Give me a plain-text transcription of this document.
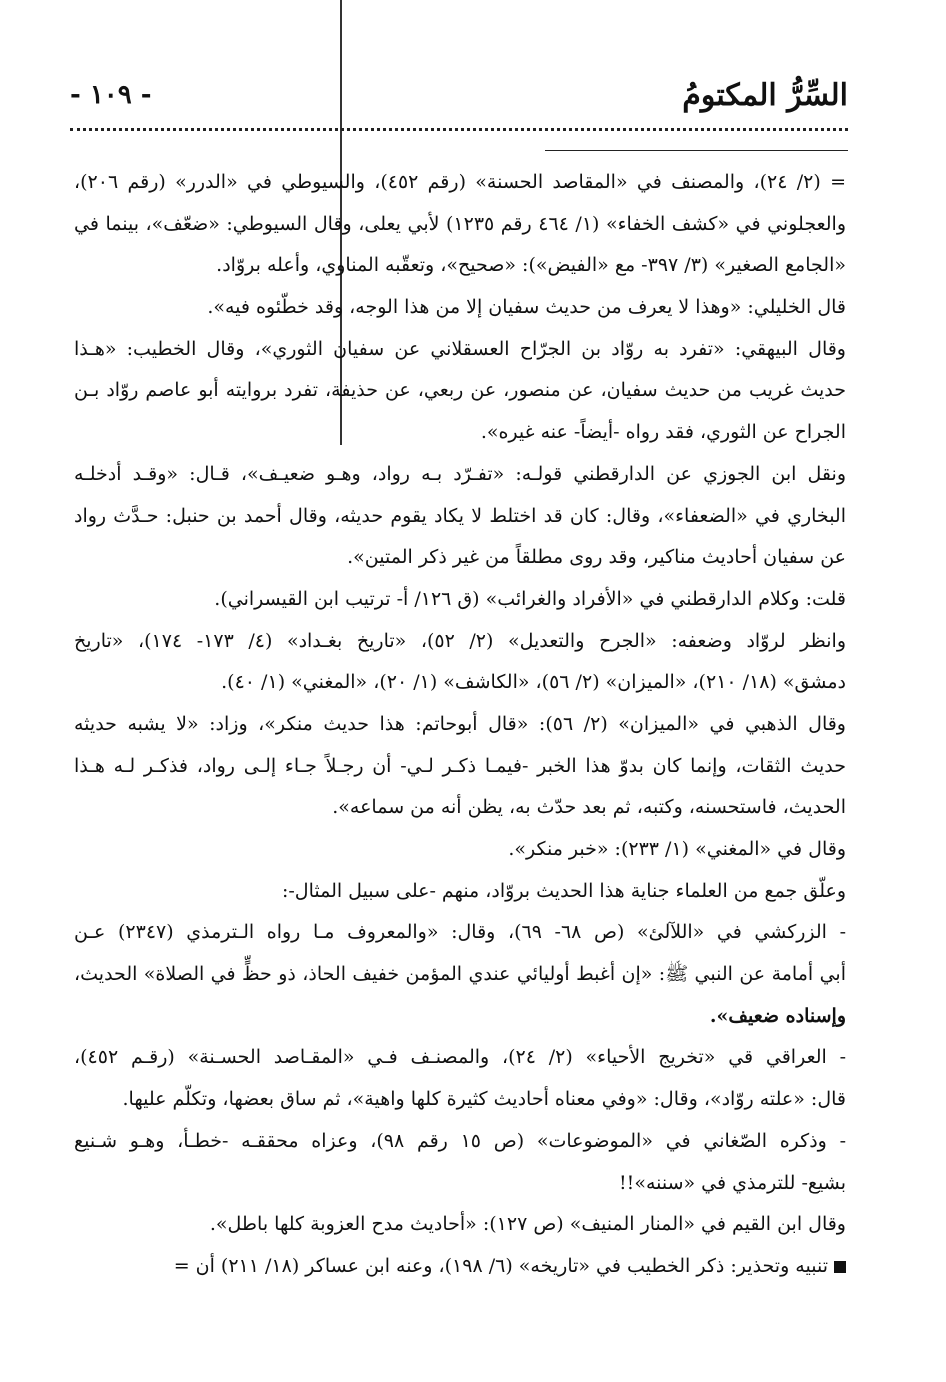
السِّرُّ المكتومُ
- ١٠٩ -
= (٢/ ٢٤)، والمصنف في «المقاصد الحسنة» (رقم ٤٥٢)، والسيوطي في «الدرر» (رقم ٢٠٦)،
والعجلوني في «كشف الخفاء» (١/ ٤٦٤ رقم ١٢٣٥) لأبي يعلى، وقال السيوطي: «ضعّف»، بينما في
«الجامع الصغير» (٣/ ٣٩٧- مع «الفيض»): «صحيح»، وتعقّبه المناوي، وأعله بروّاد.
قال الخليلي: «وهذا لا يعرف من حديث سفيان إلا من هذا الوجه، وقد خطّئوه فيه».
وقال البيهقي: «تفرد به روّاد بن الجرّاح العسقلاني عن سفيان الثوري»، وقال الخطيب: «هـذا
حديث غريب من حديث سفيان، عن منصور، عن ربعي، عن حذيفة، تفرد بروايته أبو عاصم روّاد بـن
الجراح عن الثوري، فقد رواه -أيضاً- عنه غيره».
ونقل ابن الجوزي عن الدارقطني قولـه: «تفـرّد بـه رواد، وهـو ضعيـف»، قـال: «وقـد أدخلـه
البخاري في «الضعفاء»، وقال: كان قد اختلط لا يكاد يقوم حديثه، وقال أحمد بن حنبل: حـدَّث رواد
عن سفيان أحاديث مناكير، وقد روى مطلقاً من غير ذكر المتين».
قلت: وكلام الدارقطني في «الأفراد والغرائب» (ق ١٢٦/ أ- ترتيب ابن القيسراني).
وانظر لروّاد وضعفه: «الجرح والتعديل» (٢/ ٥٢)، «تاريخ بغـداد» (٤/ ١٧٣- ١٧٤)، «تاريخ
دمشق» (١٨/ ٢١٠)، «الميزان» (٢/ ٥٦)، «الكاشف» (١/ ٢٠)، «المغني» (١/ ٤٠).
وقال الذهبي في «الميزان» (٢/ ٥٦): «قال أبوحاتم: هذا حديث منكر»، وزاد: «لا يشبه حديثه
حديث الثقات، وإنما كان بدوّ هذا الخبر -فيمـا ذكـر لـي- أن رجـلاً جـاء إلـى رواد، فذكـر لـه هـذا
الحديث، فاستحسنه، وكتبه، ثم بعد حدّث به، يظن أنه من سماعه».
وقال في «المغني» (١/ ٢٣٣): «خبر منكر».
وعلّق جمع من العلماء جناية هذا الحديث بروّاد، منهم -على سبيل المثال-:
- الزركشي في «اللآلئ» (ص ٦٨- ٦٩)، وقال: «والمعروف مـا رواه الـترمذي (٢٣٤٧) عـن
أبي أمامة عن النبي ﷺ: «إن أغبط أوليائي عندي المؤمن خفيف الحاذ، ذو حظٍّ في الصلاة» الحديث،
وإسناده ضعيف».
- العراقي قي «تخريج الأحياء» (٢/ ٢٤)، والمصنـف فـي «المقـاصد الحسـنة» (رقـم ٤٥٢)،
قال: «علته روّاد»، وقال: «وفي معناه أحاديث كثيرة كلها واهية»، ثم ساق بعضها، وتكلّم عليها.
- وذكره الصّغاني في «الموضوعات» (ص ١٥ رقم ٩٨)، وعزاه محققـه -خطـأ، وهـو شـنيع
بشيع- للترمذي في «سننه»!!
وقال ابن القيم في «المنار المنيف» (ص ١٢٧): «أحاديث مدح العزوبة كلها باطل».
تنبيه وتحذير: ذكر الخطيب في «تاريخه» (٦/ ١٩٨)، وعنه ابن عساكر (١٨/ ٢١١) أن =
